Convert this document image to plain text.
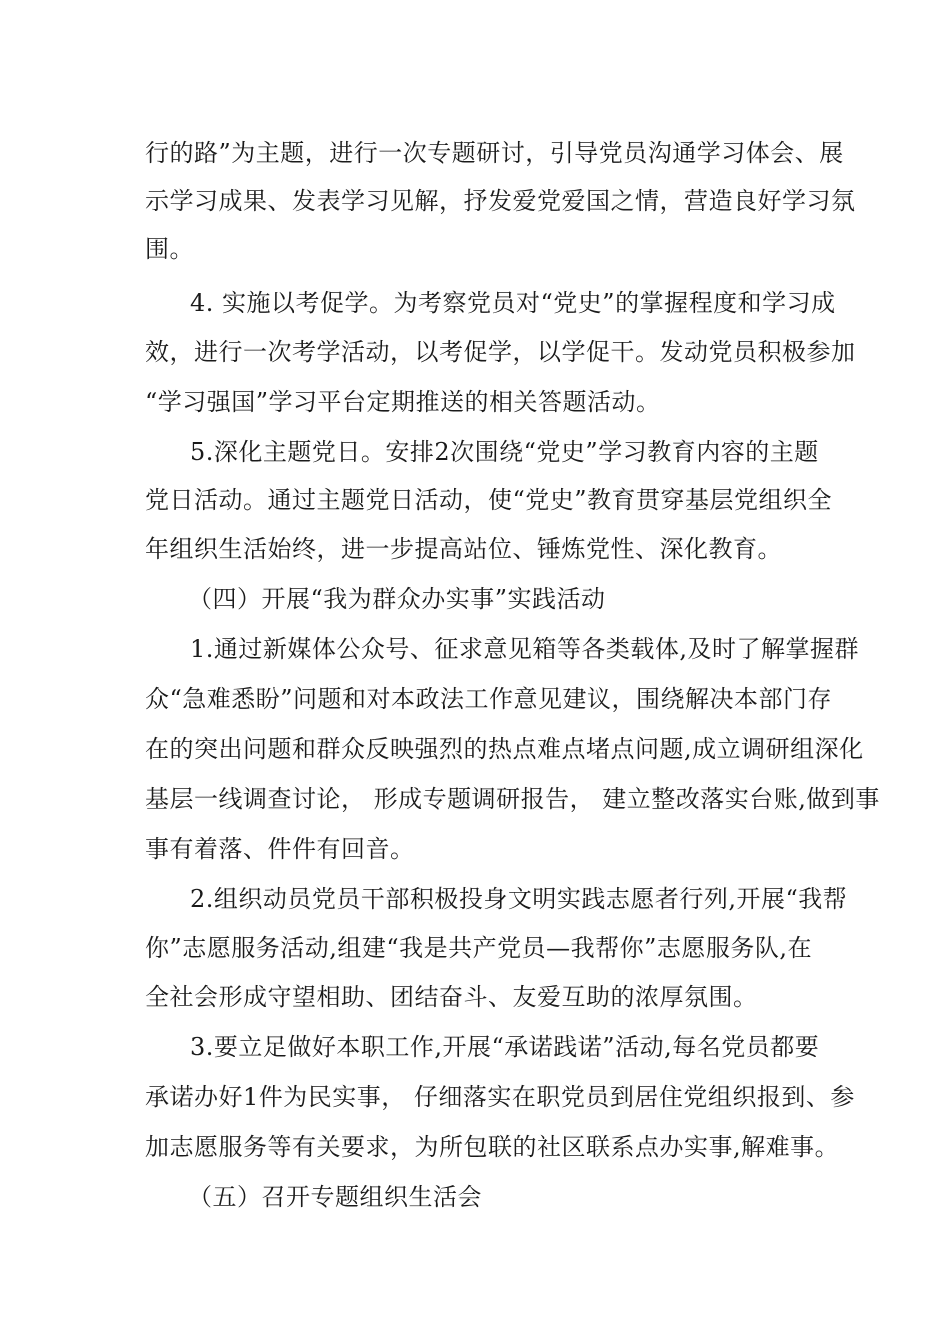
行的路”为主题，进行一次专题研讨，引导党员沟通学习体会、展
示学习成果、发表学习见解，抒发爱党爱国之情，营造良好学习氛
围。
4. 实施以考促学。为考察党员对“党史”的掌握程度和学习成
效，进行一次考学活动，以考促学，以学促干。发动党员积极参加
“学习强国”学习平台定期推送的相关答题活动。
5.深化主题党日。安排2次围绕“党史”学习教育内容的主题
党日活动。通过主题党日活动，使“党史”教育贯穿基层党组织全
年组织生活始终，进一步提高站位、锤炼党性、深化教育。
（四）开展“我为群众办实事”实践活动
1.通过新媒体公众号、征求意见箱等各类载体,及时了解掌握群
众“急难悉盼”问题和对本政法工作意见建议，围绕解决本部门存
在的突出问题和群众反映强烈的热点难点堵点问题,成立调研组深化
基层一线调查讨论， 形成专题调研报告， 建立整改落实台账,做到事
事有着落、件件有回音。
2.组织动员党员干部积极投身文明实践志愿者行列,开展“我帮
你”志愿服务活动,组建“我是共产党员—我帮你”志愿服务队,在
全社会形成守望相助、团结奋斗、友爱互助的浓厚氛围。
3.要立足做好本职工作,开展“承诺践诺”活动,每名党员都要
承诺办好1件为民实事， 仔细落实在职党员到居住党组织报到、参
加志愿服务等有关要求，为所包联的社区联系点办实事,解难事。
（五）召开专题组织生活会
